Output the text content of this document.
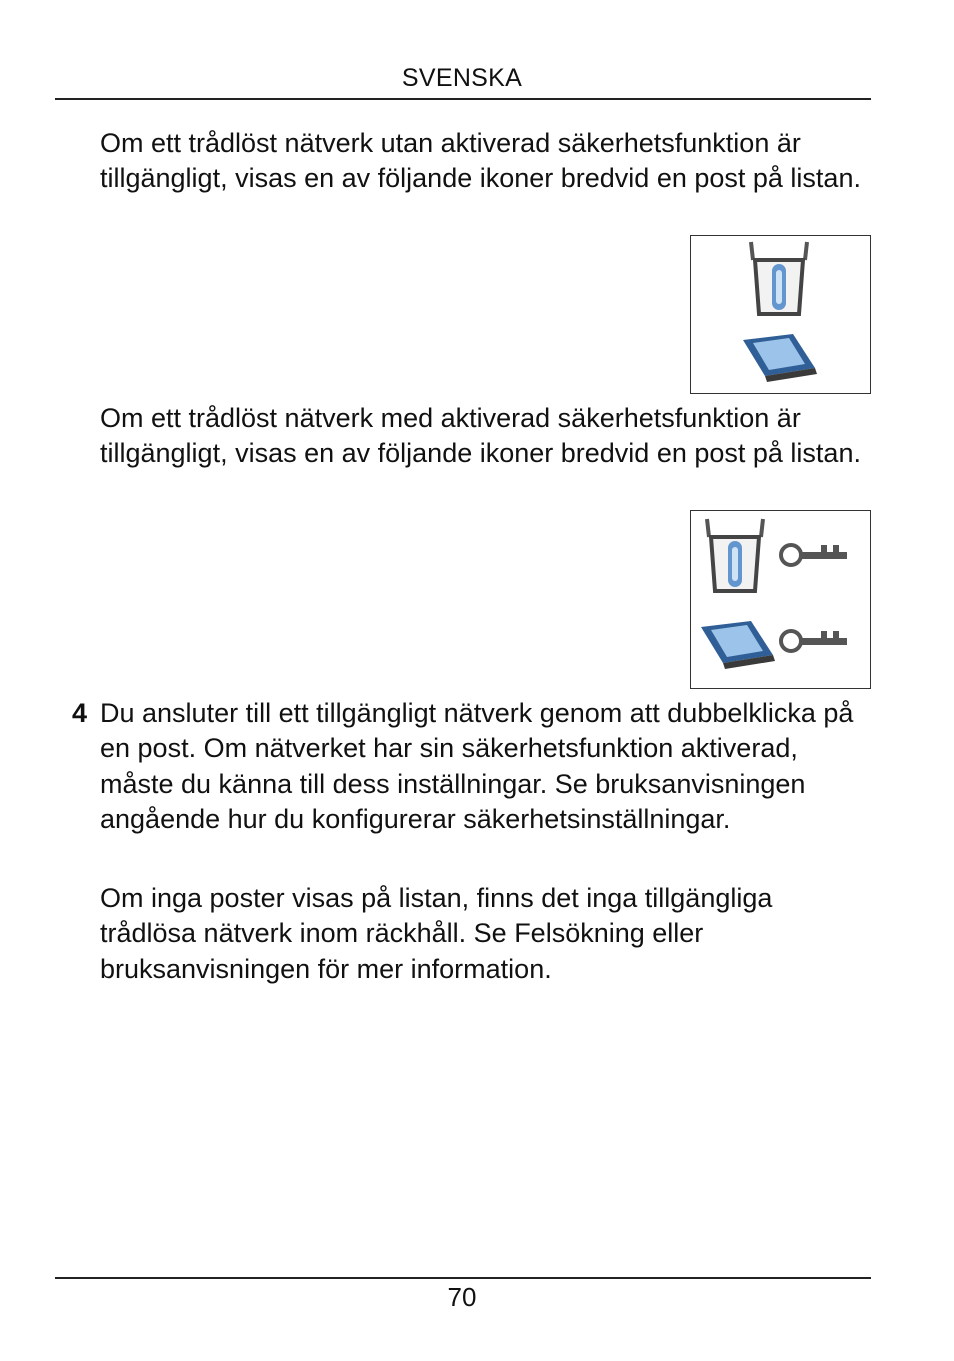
SVENSKA

Om ett trådlöst nätverk utan aktiverad säkerhetsfunktion är tillgängligt, visas en av följande ikoner bredvid en post på listan.

Om ett trådlöst nätverk med aktiverad säkerhetsfunktion är tillgängligt, visas en av följande ikoner bredvid en post på listan.

4 Du ansluter till ett tillgängligt nätverk genom att dubbelklicka på en post. Om nätverket har sin säkerhetsfunktion aktiverad, måste du känna till dess inställningar. Se bruksanvisningen angående hur du konfigurerar säkerhetsinställningar.

Om inga poster visas på listan, finns det inga tillgängliga trådlösa nätverk inom räckhåll. Se Felsökning eller bruksanvisningen för mer information.

70
